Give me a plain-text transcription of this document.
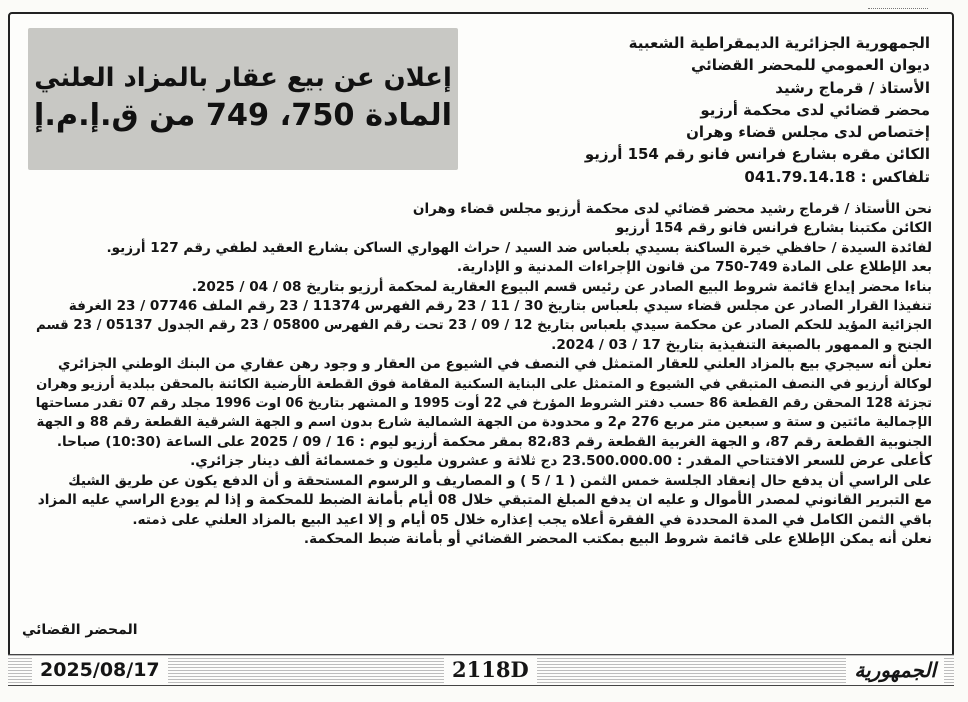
إعلان عن بيع عقار بالمزاد العلني
المادة 750، 749 من ق.إ.م.إ
الجمهورية الجزائرية الديمقراطية الشعبية
ديوان العمومي للمحضر القضائي
الأستاذ / قرماج رشيد
محضر قضائي لدى محكمة أرزيو
إختصاص لدى مجلس قضاء وهران
الكائن مقره بشارع فرانس فانو رقم 154 أرزيو
تلفاكس : 041.79.14.18
نحن الأستاذ / قرماج رشيد محضر قضائي لدى محكمة أرزيو مجلس قضاء وهران
الكائن مكتبنا بشارع فرانس فانو رقم 154 أرزيو
لفائدة السيدة / حافظي خيرة الساكنة بسيدي بلعباس ضد السيد / حراث الهواري الساكن بشارع العقيد لطفي رقم 127 أرزيو.
بعد الإطلاع على المادة 749-750 من قانون الإجراءات المدنية و الإدارية.
بناءا محضر إيداع قائمة شروط البيع الصادر عن رئيس قسم البيوع العقارية لمحكمة أرزيو بتاريخ 08 / 04 / 2025.
تنفيذا القرار الصادر عن مجلس قضاء سيدي بلعباس بتاريخ 30 / 11 / 23 رقم الفهرس 11374 / 23 رقم الملف 07746 / 23 الغرفة
الجزائية المؤيد للحكم الصادر عن محكمة سيدي بلعباس بتاريخ 12 / 09 / 23 تحت رقم الفهرس 05800 / 23 رقم الجدول 05137 / 23 قسم
الجنح و الممهور بالصيغة التنفيذية بتاريخ 17 / 03 / 2024.
نعلن أنه سيجري بيع بالمزاد العلني للعقار المتمثل في النصف في الشيوع من العقار و وجود رهن عقاري من البنك الوطني الجزائري
لوكالة أرزيو في النصف المتبقي في الشيوع و المتمثل على البناية السكنية المقامة فوق القطعة الأرضية الكائنة بالمحقن ببلدية أرزيو وهران
تجزئة 128 المحقن رقم القطعة 86 حسب دفتر الشروط المؤرخ في 22 أوت 1995 و المشهر بتاريخ 06 اوت 1996 مجلد رقم 07 تقدر مساحتها
الإجمالية مائتين و ستة و سبعين متر مربع 276 م2 و محدودة من الجهة الشمالية شارع بدون اسم و الجهة الشرقية القطعة رقم 88 و الجهة
الجنوبية القطعة رقم 87، و الجهة الغربية القطعة رقم 82،83 بمقر محكمة أرزيو ليوم : 16 / 09 / 2025 على الساعة (10:30) صباحا.
كأعلى عرض للسعر الافتتاحي المقدر : 23.500.000.00 دج ثلاثة و عشرون مليون و خمسمائة ألف دينار جزائري.
على الراسي أن يدفع حال إنعقاد الجلسة خمس الثمن ( 1 / 5 ) و المصاريف و الرسوم المستحقة و أن الدفع يكون عن طريق الشيك
مع التبرير القانوني لمصدر الأموال و عليه ان يدفع المبلغ المتبقي خلال 08 أيام بأمانة الضبط للمحكمة و إذا لم يودع الراسي عليه المزاد
باقي الثمن الكامل في المدة المحددة في الفقرة أعلاه يجب إعذاره خلال 05 أيام و إلا اعيد البيع بالمزاد العلني على ذمته.
نعلن أنه يمكن الإطلاع على قائمة شروط البيع بمكتب المحضر القضائي أو بأمانة ضبط المحكمة.
المحضر القضائي
2025/08/17	2118D	الجمهورية
